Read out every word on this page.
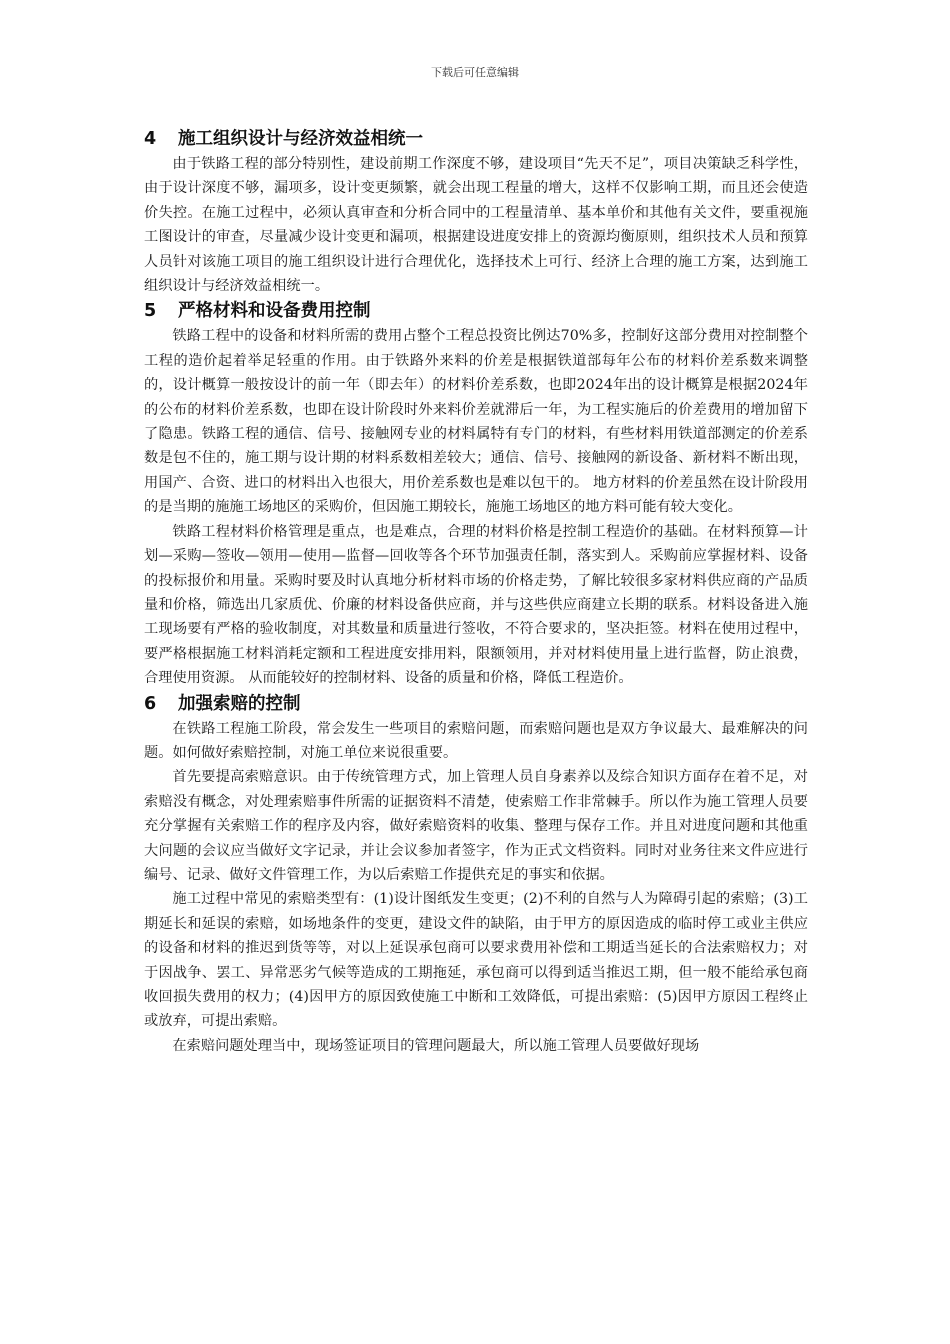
下载后可任意编辑
4 施工组织设计与经济效益相统一

由于铁路工程的部分特别性，建设前期工作深度不够，建设项目“先天不足”，项目决策缺乏科学性，由于设计深度不够，漏项多，设计变更频繁，就会出现工程量的增大，这样不仅影响工期，而且还会使造价失控。在施工过程中，必须认真审查和分析合同中的工程量清单、基本单价和其他有关文件，要重视施工图设计的审查，尽量减少设计变更和漏项，根据建设进度安排上的资源均衡原则，组织技术人员和预算人员针对该施工项目的施工组织设计进行合理优化，选择技术上可行、经济上合理的施工方案，达到施工组织设计与经济效益相统一。

5 严格材料和设备费用控制

铁路工程中的设备和材料所需的费用占整个工程总投资比例达70%多，控制好这部分费用对控制整个工程的造价起着举足轻重的作用。由于铁路外来料的价差是根据铁道部每年公布的材料价差系数来调整的，设计概算一般按设计的前一年（即去年）的材料价差系数，也即2024年出的设计概算是根据2024年的公布的材料价差系数，也即在设计阶段时外来料价差就滞后一年，为工程实施后的价差费用的增加留下了隐患。铁路工程的通信、信号、接触网专业的材料属特有专门的材料，有些材料用铁道部测定的价差系数是包不住的，施工期与设计期的材料系数相差较大；通信、信号、接触网的新设备、新材料不断出现，用国产、合资、进口的材料出入也很大，用价差系数也是难以包干的。 地方材料的价差虽然在设计阶段用的是当期的施施工场地区的采购价，但因施工期较长，施施工场地区的地方料可能有较大变化。

铁路工程材料价格管理是重点，也是难点，合理的材料价格是控制工程造价的基础。在材料预算—计划—采购—签收—领用—使用—监督—回收等各个环节加强责任制，落实到人。采购前应掌握材料、设备的投标报价和用量。采购时要及时认真地分析材料市场的价格走势，了解比较很多家材料供应商的产品质量和价格，筛选出几家质优、价廉的材料设备供应商，并与这些供应商建立长期的联系。材料设备进入施工现场要有严格的验收制度，对其数量和质量进行签收，不符合要求的，坚决拒签。材料在使用过程中，要严格根据施工材料消耗定额和工程进度安排用料，限额领用，并对材料使用量上进行监督，防止浪费，合理使用资源。 从而能较好的控制材料、设备的质量和价格，降低工程造价。

6 加强索赔的控制

在铁路工程施工阶段，常会发生一些项目的索赔问题，而索赔问题也是双方争议最大、最难解决的问题。如何做好索赔控制，对施工单位来说很重要。

首先要提高索赔意识。由于传统管理方式，加上管理人员自身素养以及综合知识方面存在着不足，对索赔没有概念，对处理索赔事件所需的证据资料不清楚，使索赔工作非常棘手。所以作为施工管理人员要充分掌握有关索赔工作的程序及内容，做好索赔资料的收集、整理与保存工作。并且对进度问题和其他重大问题的会议应当做好文字记录，并让会议参加者签字，作为正式文档资料。同时对业务往来文件应进行编号、记录、做好文件管理工作，为以后索赔工作提供充足的事实和依据。

施工过程中常见的索赔类型有：(1)设计图纸发生变更；(2)不利的自然与人为障碍引起的索赔；(3)工期延长和延误的索赔，如场地条件的变更，建设文件的缺陷，由于甲方的原因造成的临时停工或业主供应的设备和材料的推迟到货等等，对以上延误承包商可以要求费用补偿和工期适当延长的合法索赔权力；对于因战争、罢工、异常恶劣气候等造成的工期拖延，承包商可以得到适当推迟工期，但一般不能给承包商收回损失费用的权力；(4)因甲方的原因致使施工中断和工效降低，可提出索赔：(5)因甲方原因工程终止或放弃，可提出索赔。

在索赔问题处理当中，现场签证项目的管理问题最大，所以施工管理人员要做好现场
